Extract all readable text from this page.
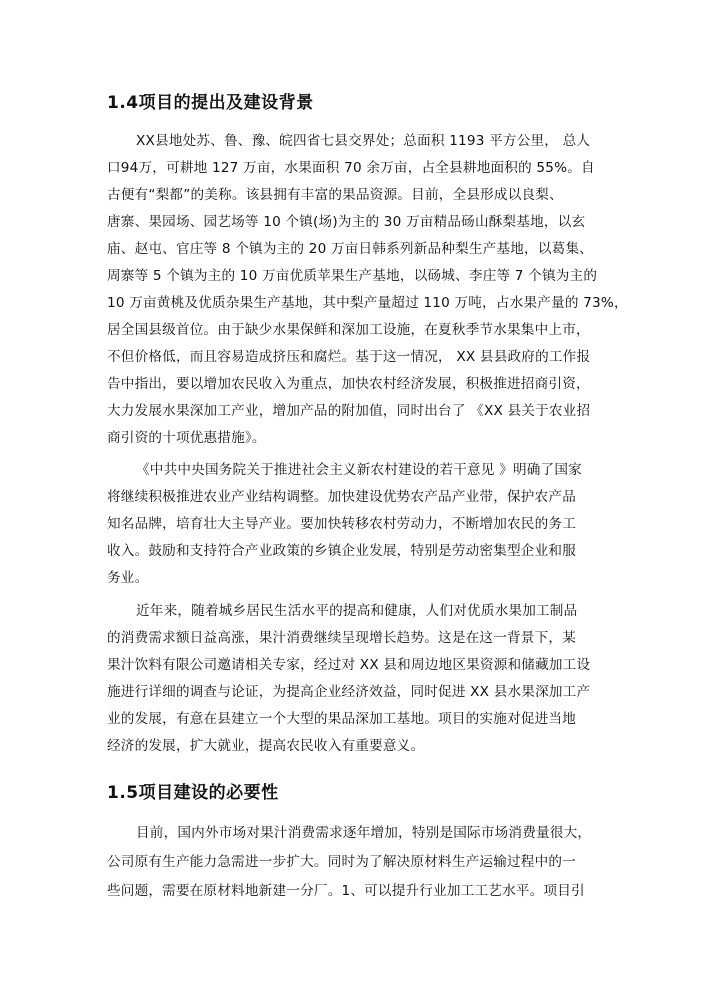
1.4项目的提出及建设背景
XX县地处苏、鲁、豫、皖四省七县交界处；总面积 1193 平方公里， 总人
口94万，可耕地 127 万亩，水果面积 70 余万亩，占全县耕地面积的 55%。自
古便有“梨都”的美称。该县拥有丰富的果品资源。目前，全县形成以良梨、
唐寨、果园场、园艺场等 10 个镇(场)为主的 30 万亩精品砀山酥梨基地，以玄
庙、赵屯、官庄等 8 个镇为主的 20 万亩日韩系列新品种梨生产基地，以葛集、
周寨等 5 个镇为主的 10 万亩优质苹果生产基地，以砀城、李庄等 7 个镇为主的
10 万亩黄桃及优质杂果生产基地，其中梨产量超过 110 万吨，占水果产量的 73%，
居全国县级首位。由于缺少水果保鲜和深加工设施，在夏秋季节水果集中上市，
不但价格低，而且容易造成挤压和腐烂。基于这一情况， XX 县县政府的工作报
告中指出，要以增加农民收入为重点，加快农村经济发展，积极推进招商引资，
大力发展水果深加工产业，增加产品的附加值，同时出台了 《XX 县关于农业招
商引资的十项优惠措施》。
《中共中央国务院关于推进社会主义新农村建设的若干意见 》明确了国家
将继续积极推进农业产业结构调整。加快建设优势农产品产业带，保护农产品
知名品牌，培育壮大主导产业。要加快转移农村劳动力，不断增加农民的务工
收入。鼓励和支持符合产业政策的乡镇企业发展，特别是劳动密集型企业和服
务业。
近年来，随着城乡居民生活水平的提高和健康，人们对优质水果加工制品
的消费需求额日益高涨，果汁消费继续呈现增长趋势。这是在这一背景下，某
果汁饮料有限公司邀请相关专家，经过对 XX 县和周边地区果资源和储藏加工设
施进行详细的调查与论证，为提高企业经济效益，同时促进 XX 县水果深加工产
业的发展，有意在县建立一个大型的果品深加工基地。项目的实施对促进当地
经济的发展，扩大就业，提高农民收入有重要意义。
1.5项目建设的必要性
目前，国内外市场对果汁消费需求逐年增加，特别是国际市场消费量很大，
公司原有生产能力急需进一步扩大。同时为了解决原材料生产运输过程中的一
些问题，需要在原材料地新建一分厂。1、可以提升行业加工工艺水平。项目引
